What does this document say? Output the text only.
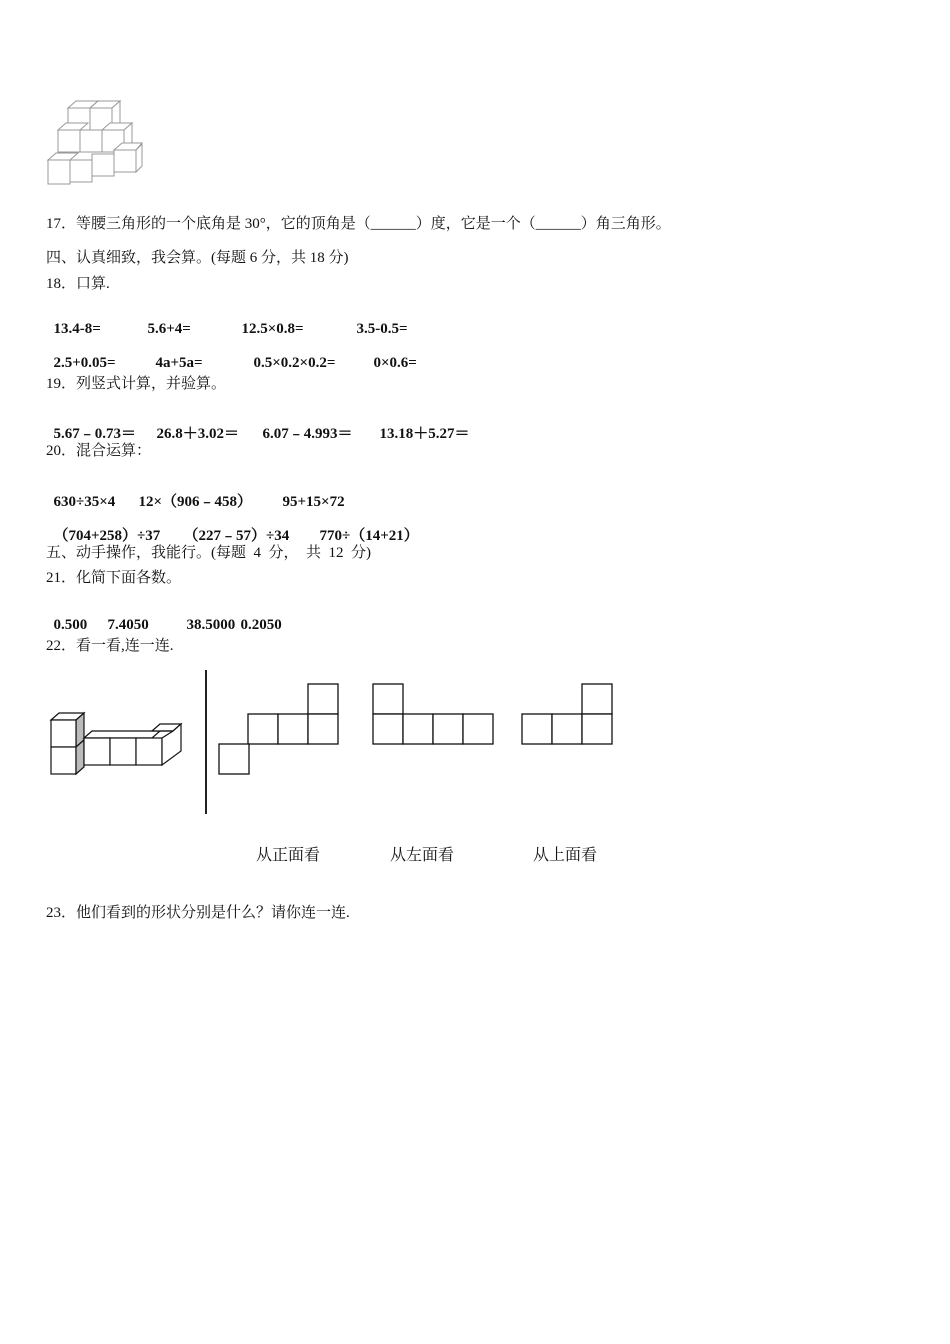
17．等腰三角形的一个底角是 30°，它的顶角是（______）度，它是一个（______）角三角形。
四、认真细致，我会算。(每题 6 分，共 18 分)
18．口算.

13.4-8=	5.6+4=	12.5×0.8=	3.5-0.5=

2.5+0.05=	4a+5a=	0.5×0.2×0.2=	0×0.6=

19．列竖式计算，并验算。

5.67﹣0.73＝ 26.8＋3.02＝ 6.07﹣4.993＝ 13.18＋5.27＝

20．混合运算：

630÷35×4 12×（906﹣458） 95+15×72

（704+258）÷37 （227﹣57）÷34 770÷（14+21）

五、动手操作，我能行。(每题  4  分，  共  12  分)
21．化简下面各数。

0.500 7.4050	38.5000 0.2050

22．看一看,连一连.
从正面看	从左面看	从上面看
23．他们看到的形状分别是什么？请你连一连.
